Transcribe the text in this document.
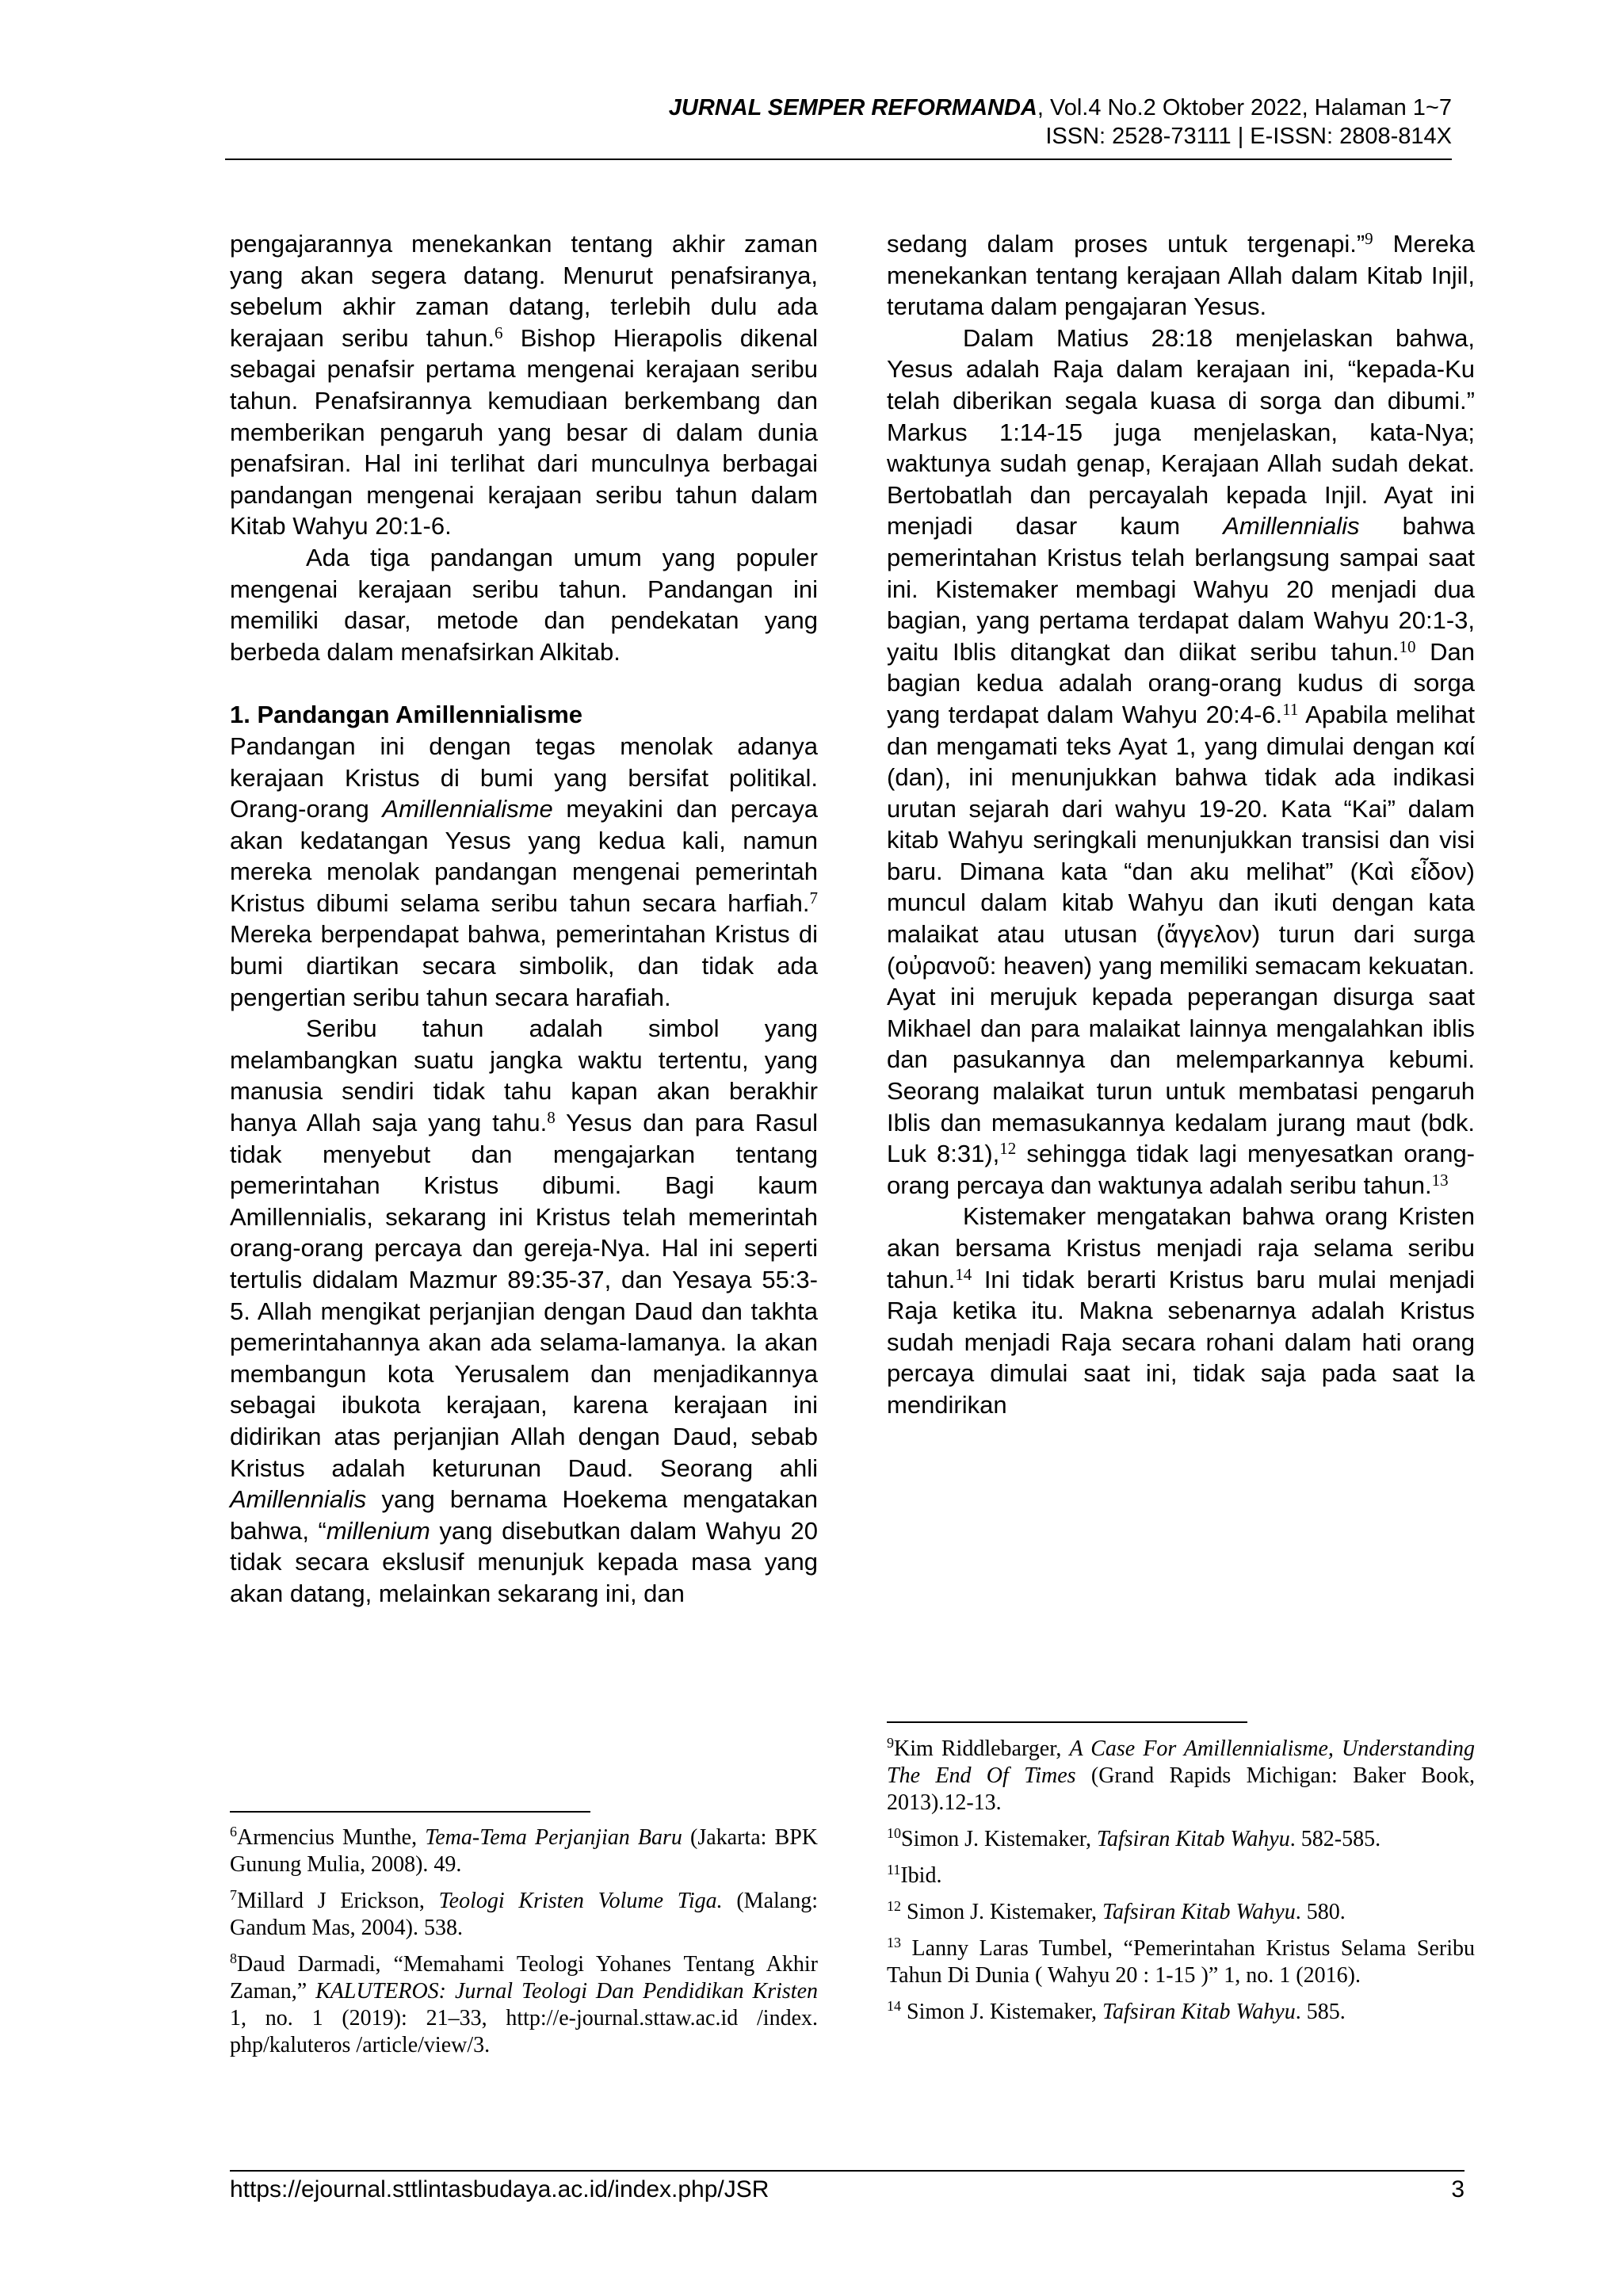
JURNAL SEMPER REFORMANDA, Vol.4 No.2 Oktober 2022, Halaman 1~7
ISSN: 2528-73111 | E-ISSN: 2808-814X

pengajarannya menekankan tentang akhir zaman yang akan segera datang. Menurut penafsiranya, sebelum akhir zaman datang, terlebih dulu ada kerajaan seribu tahun.$^6$ Bishop Hierapolis dikenal sebagai penafsir pertama mengenai kerajaan seribu tahun. Penafsirannya kemudiaan berkembang dan memberikan pengaruh yang besar di dalam dunia penafsiran. Hal ini terlihat dari munculnya berbagai pandangan mengenai kerajaan seribu tahun dalam Kitab Wahyu 20:1-6.

Ada tiga pandangan umum yang populer mengenai kerajaan seribu tahun. Pandangan ini memiliki dasar, metode dan pendekatan yang berbeda dalam menafsirkan Alkitab.

1. Pandangan Amillennialisme

Pandangan ini dengan tegas menolak adanya kerajaan Kristus di bumi yang bersifat politikal. Orang-orang Amillennialisme meyakini dan percaya akan kedatangan Yesus yang kedua kali, namun mereka menolak pandangan mengenai pemerintah Kristus dibumi selama seribu tahun secara harfiah.$^7$ Mereka berpendapat bahwa, pemerintahan Kristus di bumi diartikan secara simbolik, dan tidak ada pengertian seribu tahun secara harafiah.

Seribu tahun adalah simbol yang melambangkan suatu jangka waktu tertentu, yang manusia sendiri tidak tahu kapan akan berakhir hanya Allah saja yang tahu.$^8$ Yesus dan para Rasul tidak menyebut dan mengajarkan tentang pemerintahan Kristus dibumi. Bagi kaum Amillennialis, sekarang ini Kristus telah memerintah orang-orang percaya dan gereja-Nya. Hal ini seperti tertulis didalam Mazmur 89:35-37, dan Yesaya 55:3-5. Allah mengikat perjanjian dengan Daud dan takhta pemerintahannya akan ada selama-lamanya. Ia akan membangun kota Yerusalem dan menjadikannya sebagai ibukota kerajaan, karena kerajaan ini didirikan atas perjanjian Allah dengan Daud, sebab Kristus adalah keturunan Daud. Seorang ahli Amillennialis yang bernama Hoekema mengatakan bahwa, “millenium yang disebutkan dalam Wahyu 20 tidak secara ekslusif menunjuk kepada masa yang akan datang, melainkan sekarang ini, dan

$^6$Armencius Munthe, Tema-Tema Perjanjian Baru (Jakarta: BPK Gunung Mulia, 2008). 49.

$^7$Millard J Erickson, Teologi Kristen Volume Tiga. (Malang: Gandum Mas, 2004). 538.

$^8$Daud Darmadi, “Memahami Teologi Yohanes Tentang Akhir Zaman,” KALUTEROS: Jurnal Teologi Dan Pendidikan Kristen 1, no. 1 (2019): 21–33, http://e-journal.sttaw.ac.id /index. php/kaluteros /article/view/3.

sedang dalam proses untuk tergenapi.”$^9$ Mereka menekankan tentang kerajaan Allah dalam Kitab Injil, terutama dalam pengajaran Yesus.

Dalam Matius 28:18 menjelaskan bahwa, Yesus adalah Raja dalam kerajaan ini, “kepada-Ku telah diberikan segala kuasa di sorga dan dibumi.” Markus 1:14-15 juga menjelaskan, kata-Nya; waktunya sudah genap, Kerajaan Allah sudah dekat. Bertobatlah dan percayalah kepada Injil. Ayat ini menjadi dasar kaum Amillennialis bahwa pemerintahan Kristus telah berlangsung sampai saat ini. Kistemaker membagi Wahyu 20 menjadi dua bagian, yang pertama terdapat dalam Wahyu 20:1-3, yaitu Iblis ditangkat dan diikat seribu tahun.$^{10}$ Dan bagian kedua adalah orang-orang kudus di sorga yang terdapat dalam Wahyu 20:4-6.11 Apabila melihat dan mengamati teks Ayat 1, yang dimulai dengan καί (dan), ini menunjukkan bahwa tidak ada indikasi urutan sejarah dari wahyu 19-20. Kata “Kai” dalam kitab Wahyu seringkali menunjukkan transisi dan visi baru. Dimana kata “dan aku melihat” (Καὶ εἶδον) muncul dalam kitab Wahyu dan ikuti dengan kata malaikat atau utusan (ἄγγελον) turun dari surga (οὐρανοῦ: heaven) yang memiliki semacam kekuatan. Ayat ini merujuk kepada peperangan disurga saat Mikhael dan para malaikat lainnya mengalahkan iblis dan pasukannya dan melemparkannya kebumi. Seorang malaikat turun untuk membatasi pengaruh Iblis dan memasukannya kedalam jurang maut (bdk. Luk 8:31),$^{12}$ sehingga tidak lagi menyesatkan orang-orang percaya dan waktunya adalah seribu tahun.$^{13}$

Kistemaker mengatakan bahwa orang Kristen akan bersama Kristus menjadi raja selama seribu tahun.$^{14}$ Ini tidak berarti Kristus baru mulai menjadi Raja ketika itu. Makna sebenarnya adalah Kristus sudah menjadi Raja secara rohani dalam hati orang percaya dimulai saat ini, tidak saja pada saat Ia mendirikan

$^9$Kim Riddlebarger, A Case For Amillennialisme, Understanding The End Of Times (Grand Rapids Michigan: Baker Book, 2013).12-13.

$^{10}$Simon J. Kistemaker, Tafsiran Kitab Wahyu. 582-585.

$^{11}$Ibid.

$^{12}$ Simon J. Kistemaker, Tafsiran Kitab Wahyu. 580.

$^{13}$ Lanny Laras Tumbel, “Pemerintahan Kristus Selama Seribu Tahun Di Dunia ( Wahyu 20 : 1-15 )” 1, no. 1 (2016).

$^{14}$ Simon J. Kistemaker, Tafsiran Kitab Wahyu. 585.

https://ejournal.sttlintasbudaya.ac.id/index.php/JSR	3
